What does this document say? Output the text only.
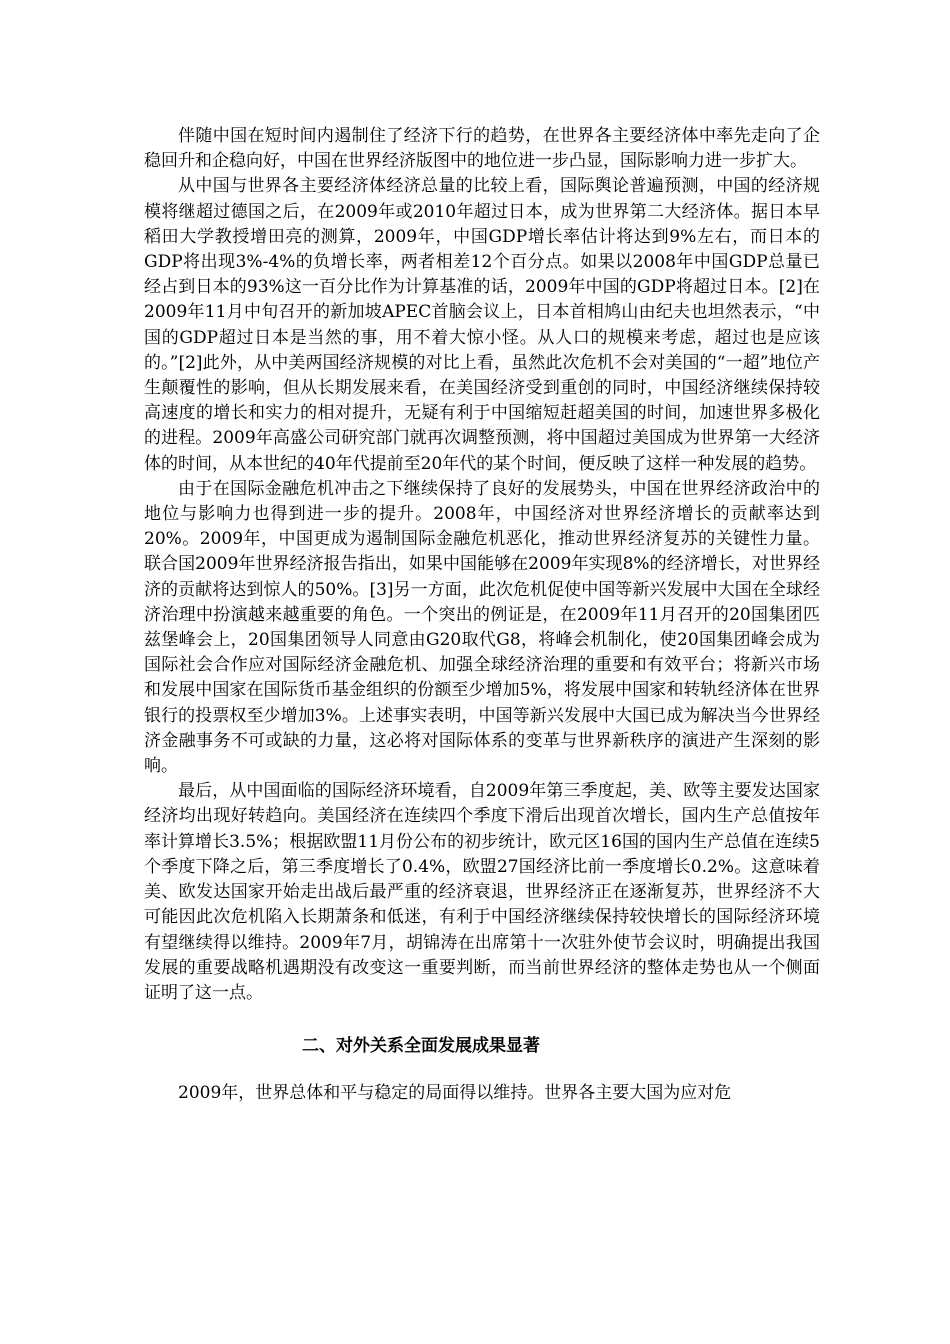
伴随中国在短时间内遏制住了经济下行的趋势，在世界各主要经济体中率先走向了企稳回升和企稳向好，中国在世界经济版图中的地位进一步凸显，国际影响力进一步扩大。

从中国与世界各主要经济体经济总量的比较上看，国际舆论普遍预测，中国的经济规模将继超过德国之后，在2009年或2010年超过日本，成为世界第二大经济体。据日本早稻田大学教授增田亮的测算，2009年，中国GDP增长率估计将达到9%左右，而日本的GDP将出现3%-4%的负增长率，两者相差12个百分点。如果以2008年中国GDP总量已经占到日本的93%这一百分比作为计算基准的话，2009年中国的GDP将超过日本。[2]在2009年11月中旬召开的新加坡APEC首脑会议上，日本首相鸠山由纪夫也坦然表示，“中国的GDP超过日本是当然的事，用不着大惊小怪。从人口的规模来考虑，超过也是应该的。”[2]此外，从中美两国经济规模的对比上看，虽然此次危机不会对美国的“一超”地位产生颠覆性的影响，但从长期发展来看，在美国经济受到重创的同时，中国经济继续保持较高速度的增长和实力的相对提升，无疑有利于中国缩短赶超美国的时间，加速世界多极化的进程。2009年高盛公司研究部门就再次调整预测，将中国超过美国成为世界第一大经济体的时间，从本世纪的40年代提前至20年代的某个时间，便反映了这样一种发展的趋势。

由于在国际金融危机冲击之下继续保持了良好的发展势头，中国在世界经济政治中的地位与影响力也得到进一步的提升。2008年，中国经济对世界经济增长的贡献率达到20%。2009年，中国更成为遏制国际金融危机恶化，推动世界经济复苏的关键性力量。联合国2009年世界经济报告指出，如果中国能够在2009年实现8%的经济增长，对世界经济的贡献将达到惊人的50%。[3]另一方面，此次危机促使中国等新兴发展中大国在全球经济治理中扮演越来越重要的角色。一个突出的例证是，在2009年11月召开的20国集团匹兹堡峰会上，20国集团领导人同意由G20取代G8，将峰会机制化，使20国集团峰会成为国际社会合作应对国际经济金融危机、加强全球经济治理的重要和有效平台；将新兴市场和发展中国家在国际货币基金组织的份额至少增加5%，将发展中国家和转轨经济体在世界银行的投票权至少增加3%。上述事实表明，中国等新兴发展中大国已成为解决当今世界经济金融事务不可或缺的力量，这必将对国际体系的变革与世界新秩序的演进产生深刻的影响。

最后，从中国面临的国际经济环境看，自2009年第三季度起，美、欧等主要发达国家经济均出现好转趋向。美国经济在连续四个季度下滑后出现首次增长，国内生产总值按年率计算增长3.5%；根据欧盟11月份公布的初步统计，欧元区16国的国内生产总值在连续5个季度下降之后，第三季度增长了0.4%，欧盟27国经济比前一季度增长0.2%。这意味着美、欧发达国家开始走出战后最严重的经济衰退，世界经济正在逐渐复苏，世界经济不大可能因此次危机陷入长期萧条和低迷，有利于中国经济继续保持较快增长的国际经济环境有望继续得以维持。2009年7月，胡锦涛在出席第十一次驻外使节会议时，明确提出我国发展的重要战略机遇期没有改变这一重要判断，而当前世界经济的整体走势也从一个侧面证明了这一点。

二、对外关系全面发展成果显著

2009年，世界总体和平与稳定的局面得以维持。世界各主要大国为应对危
